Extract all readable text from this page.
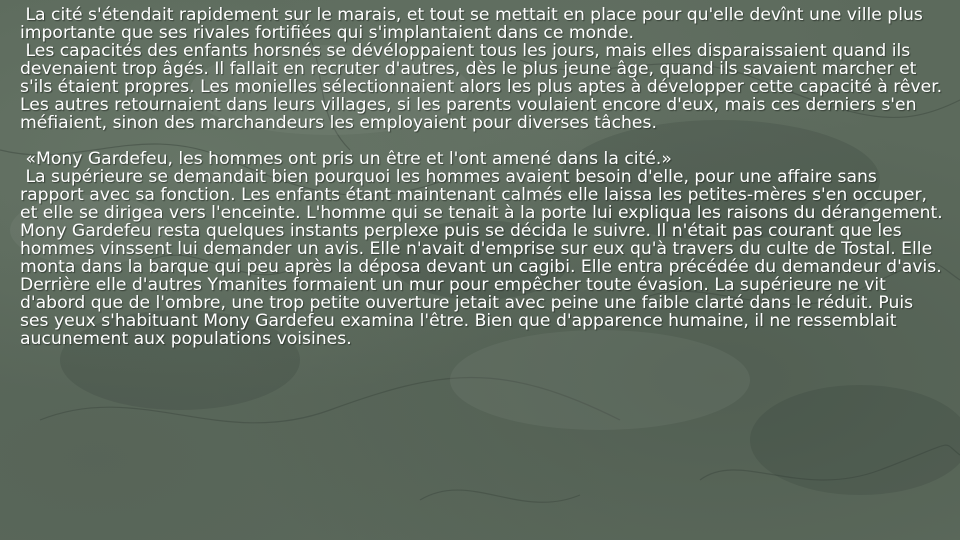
La cité s'étendait rapidement sur le marais, et tout se mettait en place pour qu'elle devînt une ville plus importante que ses rivales fortifiées qui s'implantaient dans ce monde.

Les capacités des enfants horsnés se dévéloppaient tous les jours, mais elles disparaissaient quand ils devenaient trop âgés. Il fallait en recruter d'autres, dès le plus jeune âge, quand ils savaient marcher et s'ils étaient propres. Les monielles sélectionnaient alors les plus aptes à développer cette capacité à rêver. Les autres retournaient dans leurs villages, si les parents voulaient encore d'eux, mais ces derniers s'en méfiaient, sinon des marchandeurs les employaient pour diverses tâches.

«Mony Gardefeu, les hommes ont pris un être et l'ont amené dans la cité.»

La supérieure se demandait bien pourquoi les hommes avaient besoin d'elle, pour une affaire sans rapport avec sa fonction. Les enfants étant maintenant calmés elle laissa les petites-mères s'en occuper, et elle se dirigea vers l'enceinte. L'homme qui se tenait à la porte lui expliqua les raisons du dérangement. Mony Gardefeu resta quelques instants perplexe puis se décida le suivre. Il n'était pas courant que les hommes vinssent lui demander un avis. Elle n'avait d'emprise sur eux qu'à travers du culte de Tostal. Elle monta dans la barque qui peu après la déposa devant un cagibi. Elle entra précédée du demandeur d'avis. Derrière elle d'autres Ymanites formaient un mur pour empêcher toute évasion. La supérieure ne vit d'abord que de l'ombre, une trop petite ouverture jetait avec peine une faible clarté dans le réduit. Puis ses yeux s'habituant Mony Gardefeu examina l'être. Bien que d'apparence humaine, il ne ressemblait aucunement aux populations voisines.
